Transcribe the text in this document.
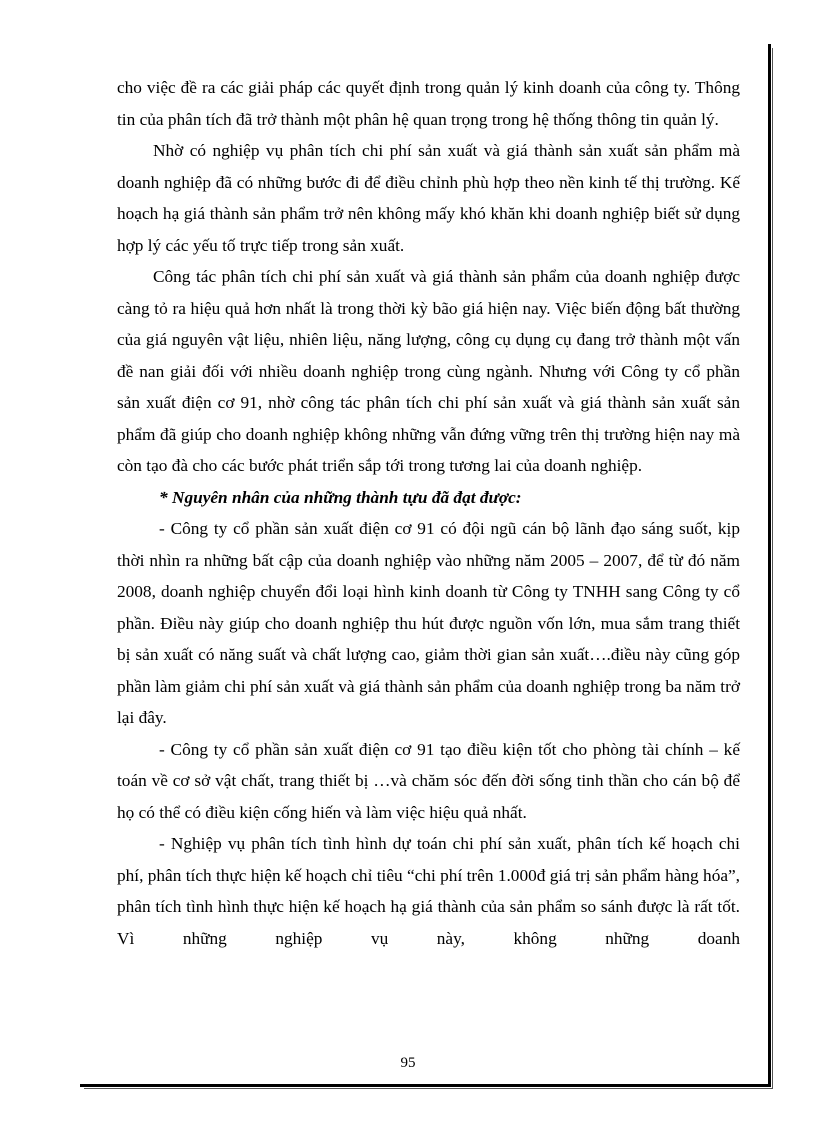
cho việc đề ra các giải pháp các quyết định trong quản lý kinh doanh của công ty. Thông tin của phân tích đã trở thành một phân hệ quan trọng trong hệ thống thông tin quản lý.

Nhờ có nghiệp vụ phân tích chi phí sản xuất và giá thành sản xuất sản phẩm mà doanh nghiệp đã có những bước đi để điều chỉnh phù hợp theo nền kinh tế thị trường. Kế hoạch hạ giá thành sản phẩm trở nên không mấy khó khăn khi doanh nghiệp biết sử dụng hợp lý các yếu tố trực tiếp trong sản xuất.

Công tác phân tích chi phí sản xuất và giá thành sản phẩm của doanh nghiệp được càng tỏ ra hiệu quả hơn nhất là trong thời kỳ bão giá hiện nay. Việc biến động bất thường của giá nguyên vật liệu, nhiên liệu, năng lượng, công cụ dụng cụ đang trở thành một vấn đề nan giải đối với nhiều doanh nghiệp trong cùng ngành. Nhưng với Công ty cổ phần sản xuất điện cơ 91, nhờ công tác phân tích chi phí sản xuất và giá thành sản xuất sản phẩm đã giúp cho doanh nghiệp không những vẫn đứng vững trên thị trường hiện nay mà còn tạo đà cho các bước phát triển sắp tới trong tương lai của doanh nghiệp.

* Nguyên nhân của những thành tựu đã đạt được:

- Công ty cổ phần sản xuất điện cơ 91 có đội ngũ cán bộ lãnh đạo sáng suốt, kịp thời nhìn ra những bất cập của doanh nghiệp vào những năm 2005 – 2007, để từ đó năm 2008, doanh nghiệp chuyển đổi loại hình kinh doanh từ Công ty TNHH sang Công ty cổ phần. Điều này giúp cho doanh nghiệp thu hút được nguồn vốn lớn, mua sắm trang thiết bị sản xuất có năng suất và chất lượng cao, giảm thời gian sản xuất….điều này cũng góp phần làm giảm chi phí sản xuất và giá thành sản phẩm của doanh nghiệp trong ba năm trở lại đây.

- Công ty cổ phần sản xuất điện cơ 91 tạo điều kiện tốt cho phòng tài chính – kế toán về cơ sở vật chất, trang thiết bị …và chăm sóc đến đời sống tinh thần cho cán bộ để họ có thể có điều kiện cống hiến và làm việc hiệu quả nhất.

- Nghiệp vụ phân tích tình hình dự toán chi phí sản xuất, phân tích kế hoạch chi phí, phân tích thực hiện kế hoạch chỉ tiêu “chi phí trên 1.000đ giá trị sản phẩm hàng hóa”, phân tích tình hình thực hiện kế hoạch hạ giá thành của sản phẩm so sánh được là rất tốt. Vì những nghiệp vụ này, không những doanh

95
